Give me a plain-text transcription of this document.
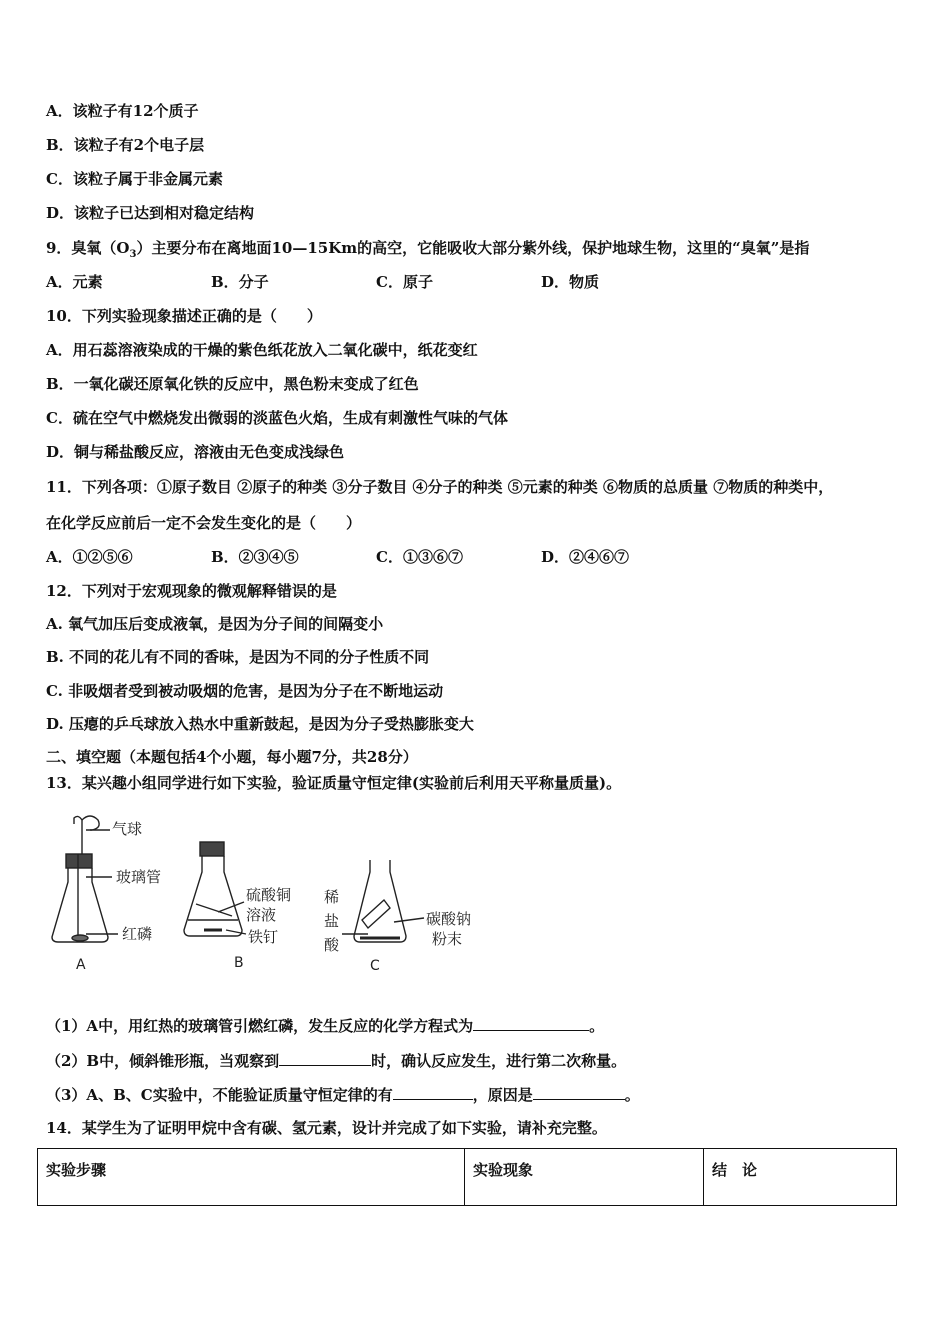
A．该粒子有12个质子
B．该粒子有2个电子层
C．该粒子属于非金属元素
D．该粒子已达到相对稳定结构
9．臭氧$(O_3)$主要分布在离地面10—15Km的高空，它能吸收大部分紫外线，保护地球生物，这里的“臭氧”是指
A．元素	B．分子	C．原子	D．物质
10．下列实验现象描述正确的是（　　）
A．用石蕊溶液染成的干燥的紫色纸花放入二氧化碳中，纸花变红
B．一氧化碳还原氧化铁的反应中，黑色粉末变成了红色
C．硫在空气中燃烧发出微弱的淡蓝色火焰，生成有刺激性气味的气体
D．铜与稀盐酸反应，溶液由无色变成浅绿色
11．下列各项：①原子数目 ②原子的种类 ③分子数目 ④分子的种类 ⑤元素的种类 ⑥物质的总质量 ⑦物质的种类中，
在化学反应前后一定不会发生变化的是（　　）
A．①②⑤⑥	B．②③④⑤	C．①③⑥⑦	D．②④⑥⑦
12．下列对于宏观现象的微观解释错误的是
A. 氧气加压后变成液氧，是因为分子间的间隔变小
B. 不同的花儿有不同的香味，是因为不同的分子性质不同
C. 非吸烟者受到被动吸烟的危害，是因为分子在不断地运动
D. 压瘪的乒乓球放入热水中重新鼓起，是因为分子受热膨胀变大
二、填空题（本题包括4个小题，每小题7分，共28分）
13．某兴趣小组同学进行如下实验，验证质量守恒定律(实验前后利用天平称量质量)。
气球
玻璃管
红磷
硫酸铜
溶液
铁钉
稀
盐
酸
碳酸钠
粉末
A	B	C
（1）A中，用红热的玻璃管引燃红磷，发生反应的化学方程式为	。
（2）B中，倾斜锥形瓶，当观察到	时，确认反应发生，进行第二次称量。
（3）A、B、C实验中，不能验证质量守恒定律的有	，原因是	。
14．某学生为了证明甲烷中含有碳、氢元素，设计并完成了如下实验，请补充完整。
实验步骤	实验现象	结　论
